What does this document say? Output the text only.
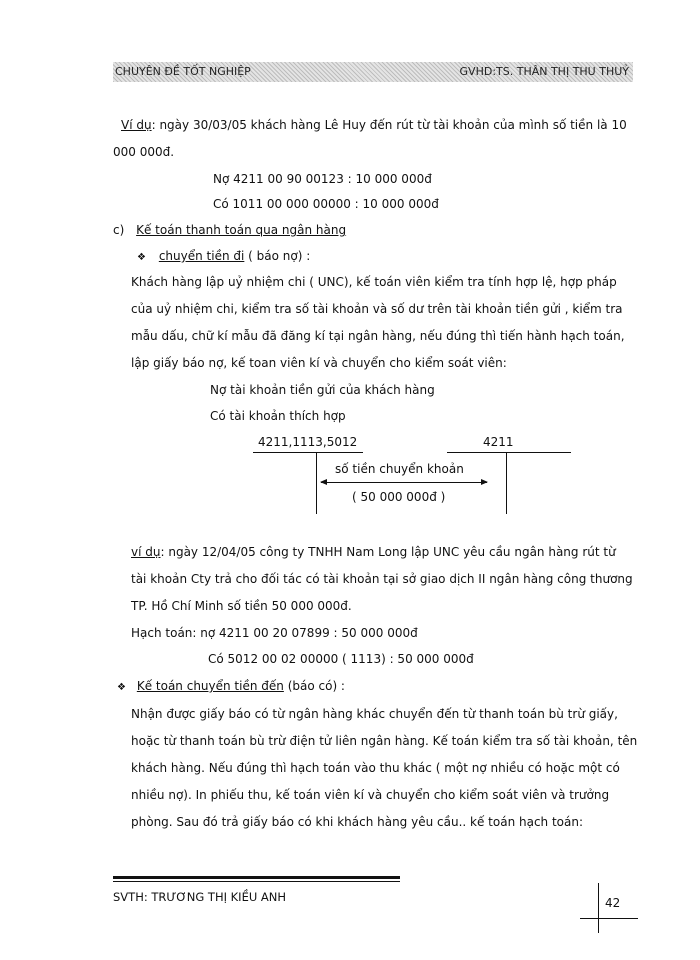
CHUYÊN ĐỀ TỐT NGHIỆP	GVHD:TS. THÂN THỊ THU THUỶ
Ví dụ: ngày 30/03/05 khách hàng Lê Huy đến rút từ tài khoản của mình số tiền là 10
000 000đ.
Nợ 4211 00 90 00123 : 10 000 000đ
Có 1011 00 000 00000 : 10 000 000đ
c) Kế toán thanh toán qua ngân hàng
❖ chuyển tiền đi ( báo nợ) :
Khách hàng lập uỷ nhiệm chi ( UNC), kế toán viên kiểm tra tính hợp lệ, hợp pháp
của uỷ nhiệm chi, kiểm tra số tài khoản và số dư trên tài khoản tiền gửi , kiểm tra
mẫu dấu, chữ kí mẫu đã đăng kí tại ngân hàng, nếu đúng thì tiến hành hạch toán,
lập giấy báo nợ, kế toan viên kí và chuyển cho kiểm soát viên:
Nợ tài khoản tiền gửi của khách hàng
Có tài khoản thích hợp
4211,1113,5012	4211
số tiền chuyển khoản
( 50 000 000đ )
ví dụ: ngày 12/04/05 công ty TNHH Nam Long lập UNC yêu cầu ngân hàng rút từ
tài khoản Cty trả cho đối tác có tài khoản tại sở giao dịch II ngân hàng công thương
TP. Hồ Chí Minh số tiền 50 000 000đ.
Hạch toán: nợ 4211 00 20 07899 : 50 000 000đ
Có 5012 00 02 00000 ( 1113) : 50 000 000đ
❖ Kế toán chuyển tiền đến (báo có) :
Nhận được giấy báo có từ ngân hàng khác chuyển đến từ thanh toán bù trừ giấy,
hoặc từ thanh toán bù trừ điện tử liên ngân hàng. Kế toán kiểm tra số tài khoản, tên
khách hàng. Nếu đúng thì hạch toán vào thu khác ( một nợ nhiều có hoặc một có
nhiều nợ). In phiếu thu, kế toán viên kí và chuyển cho kiểm soát viên và trưởng
phòng. Sau đó trả giấy báo có khi khách hàng yêu cầu.. kế toán hạch toán:
SVTH: TRƯƠNG THỊ KIỀU ANH	42
